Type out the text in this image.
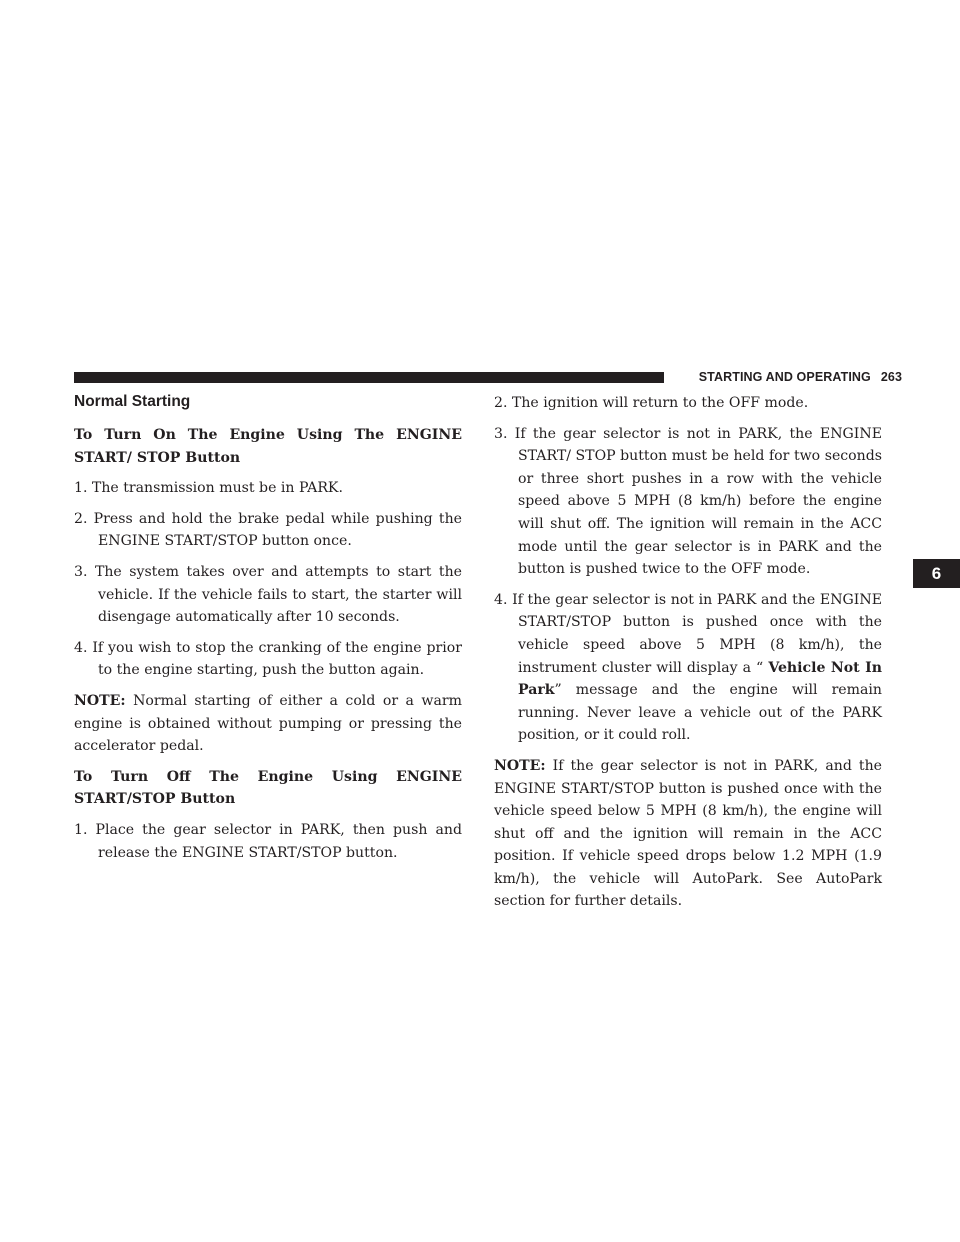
STARTING AND OPERATING 263
Normal Starting
To Turn On The Engine Using The ENGINE START/ STOP Button
1. The transmission must be in PARK.
2. Press and hold the brake pedal while pushing the ENGINE START/STOP button once.
3. The system takes over and attempts to start the vehicle. If the vehicle fails to start, the starter will disengage automatically after 10 seconds.
4. If you wish to stop the cranking of the engine prior to the engine starting, push the button again.
NOTE: Normal starting of either a cold or a warm engine is obtained without pumping or pressing the accelerator pedal.
To Turn Off The Engine Using ENGINE START/STOP Button
1. Place the gear selector in PARK, then push and release the ENGINE START/STOP button.
2. The ignition will return to the OFF mode.
3. If the gear selector is not in PARK, the ENGINE START/ STOP button must be held for two seconds or three short pushes in a row with the vehicle speed above 5 MPH (8 km/h) before the engine will shut off. The ignition will remain in the ACC mode until the gear selector is in PARK and the button is pushed twice to the OFF mode.
4. If the gear selector is not in PARK and the ENGINE START/STOP button is pushed once with the vehicle speed above 5 MPH (8 km/h), the instrument cluster will display a “ Vehicle Not In Park” message and the engine will remain running. Never leave a vehicle out of the PARK position, or it could roll.
NOTE: If the gear selector is not in PARK, and the ENGINE START/STOP button is pushed once with the vehicle speed below 5 MPH (8 km/h), the engine will shut off and the ignition will remain in the ACC position. If vehicle speed drops below 1.2 MPH (1.9 km/h), the vehicle will AutoPark. See AutoPark section for further details.
6
